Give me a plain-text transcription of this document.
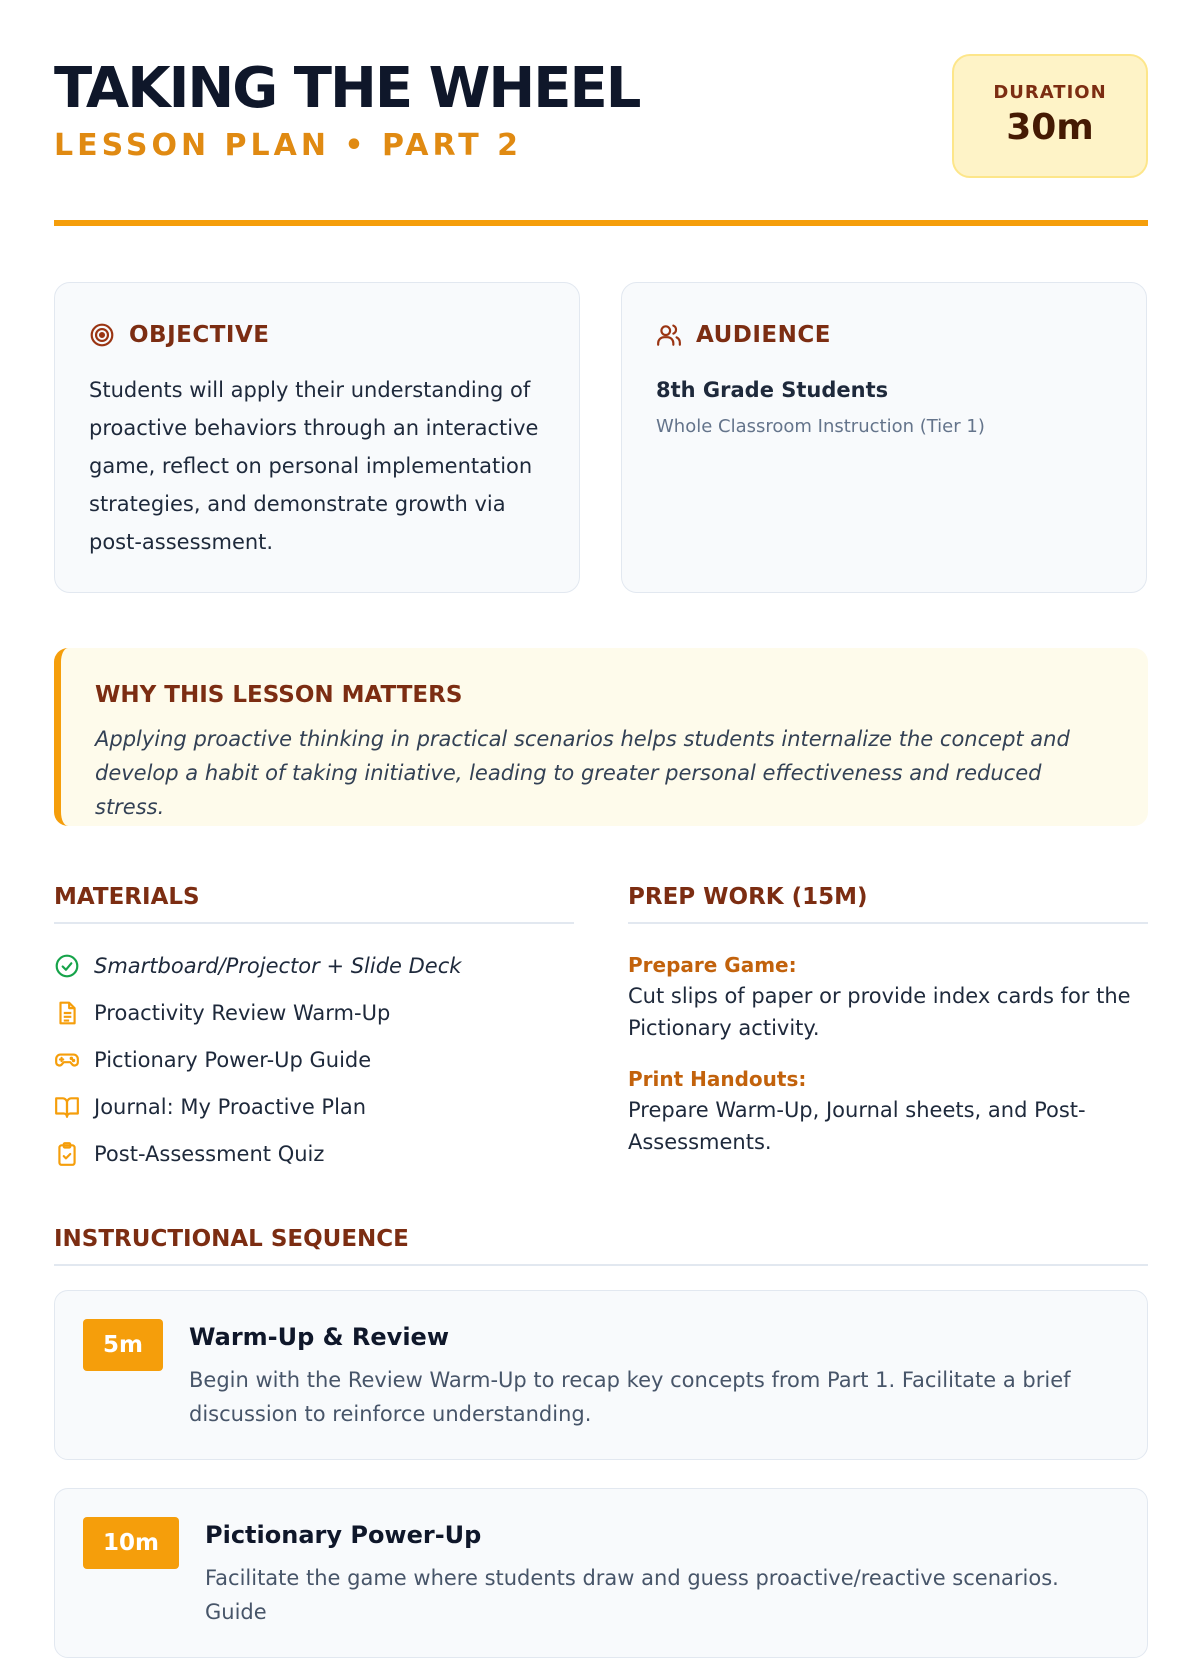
TAKING THE WHEEL
LESSON PLAN • PART 2
DURATION
30m
OBJECTIVE
Students will apply their understanding of proactive behaviors through an interactive game, reflect on personal implementation strategies, and demonstrate growth via post-assessment.
AUDIENCE
8th Grade Students
Whole Classroom Instruction (Tier 1)
WHY THIS LESSON MATTERS
Applying proactive thinking in practical scenarios helps students internalize the concept and develop a habit of taking initiative, leading to greater personal effectiveness and reduced stress.
MATERIALS
Smartboard/Projector + Slide Deck
Proactivity Review Warm-Up
Pictionary Power-Up Guide
Journal: My Proactive Plan
Post-Assessment Quiz
PREP WORK (15M)
Prepare Game:
Cut slips of paper or provide index cards for the Pictionary activity.
Print Handouts:
Prepare Warm-Up, Journal sheets, and Post-Assessments.
INSTRUCTIONAL SEQUENCE
5m	Warm-Up & Review
Begin with the Review Warm-Up to recap key concepts from Part 1. Facilitate a brief discussion to reinforce understanding.
10m	Pictionary Power-Up
Facilitate the game where students draw and guess proactive/reactive scenarios. Guide
